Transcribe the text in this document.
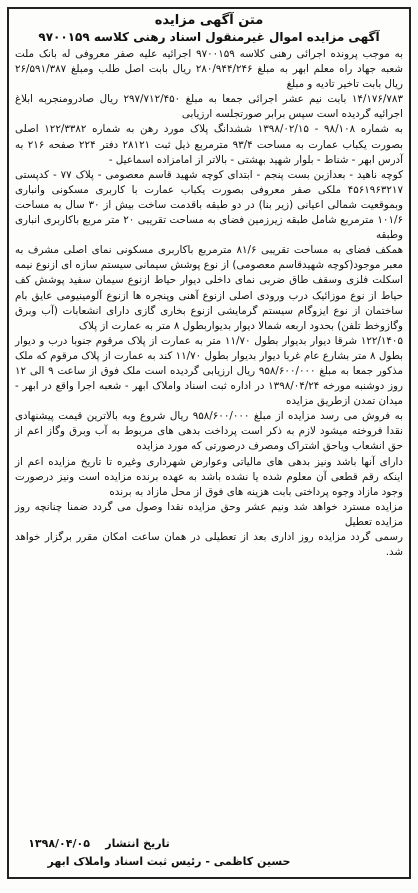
متن آگهی مزایده
آگهی مزایده اموال غیرمنقول اسناد رهنی کلاسه ۹۷۰۰۱۵۹

به موجب پرونده اجرائی رهنی کلاسه ۹۷۰۰۱۵۹ اجرائیه علیه صفر معروفی له بانک ملت شعبه جهاد راه معلم ابهر به مبلغ ۲۸۰/۹۴۴/۲۴۶ ریال بابت اصل طلب ومبلغ ۲۶/۵۹۱/۳۸۷ ریال بابت تاخیر تادیه و مبلغ

۱۴/۱۷۶/۷۸۳ بابت نیم عشر اجرائی جمعا به مبلغ ۲۹۷/۷۱۲/۴۵۰ ریال صادرومنجربه ابلاغ اجرائیه گردیده است سپس برابر صورتجلسه ارزیابی

به شماره ۹۸/۱۰۸ - ۱۳۹۸/۰۲/۱۵ ششدانگ پلاک مورد رهن به شماره ۱۲۲/۳۳۸۲ اصلی بصورت یکباب عمارت به مساحت ۹۳/۴ مترمربع ذیل ثبت ۲۸۱۲۱ دفتر ۲۲۴ صفحه ۲۱۶ به آدرس ابهر - شناط - بلوار شهید بهشتی - بالاتر از امامزاده اسماعیل -

کوچه ناهید - بعدازبن بست پنجم - ابتدای کوچه شهید قاسم معصومی - پلاک ۷۷ - کدپستی ۴۵۶۱۹۶۳۲۱۷ ملکی صفر معروفی بصورت یکباب عمارت با کاربری مسکونی وانباری وبموقعیت شمالی اعیانی (زیر بنا) در دو طبقه باقدمت ساخت بیش از ۳۰ سال به مساحت ۱۰۱/۶ مترمربع شامل طبقه زیرزمین فضای به مساحت تقریبی ۲۰ متر مربع باکاربری انباری وطبقه

همکف فضای به مساحت تقریبی ۸۱/۶ مترمربع باکاربری مسکونی نمای اصلی مشرف به معبر موجود(کوچه شهیدقاسم معصومی) از نوع پوشش سیمانی سیستم سازه ای ازنوع نیمه اسکلت فلزی وسقف طاق ضربی نمای داخلی دیوار حیاط ازنوع سیمان سفید پوشش کف حیاط از نوع موزائیک درب ورودی اصلی ازنوع آهنی وپنجره ها ازنوع آلومینیومی عایق بام ساختمان از نوع ایزوگام سیستم گرمایشی ازنوع بخاری گازی دارای انشعابات (آب وبرق وگازوخط تلفن) بحدود اربعه شمالا دیوار بدیواربطول ۸ متر به عمارت از پلاک

۱۲۲/۱۴۰۵ شرقا دیوار بدیوار بطول ۱۱/۷۰ متر به عمارت از پلاک مرقوم جنوبا درب و دیوار بطول ۸ متر بشارع عام غربا دیوار بدیوار بطول ۱۱/۷۰ کند به عمارت از پلاک مرقوم که ملک مذکور جمعا به مبلغ ۹۵۸/۶۰۰/۰۰۰ ریال ارزیابی گردیده است ملک فوق از ساعت ۹ الی ۱۲ روز دوشنبه مورخه ۱۳۹۸/۰۴/۲۴ در اداره ثبت اسناد واملاک ابهر - شعبه اجرا واقع در ابهر - میدان تمدن ازطریق مزایده

به فروش می رسد مزایده از مبلغ ۹۵۸/۶۰۰/۰۰۰ ریال شروع وبه بالاترین قیمت پیشنهادی نقدا فروخته میشود لازم به ذکر است پرداخت بدهی های مربوط به آب وبرق وگاز اعم از حق انشعاب ویاحق اشتراک ومصرف درصورتی که مورد مزایده

دارای آنها باشد ونیز بدهی های مالیاتی وعوارض شهرداری وغیره تا تاریخ مزایده اعم از اینکه رقم قطعی آن معلوم شده یا نشده باشد به عهده برنده مزایده است ونیز درصورت وجود مازاد وجوه پرداختی بابت هزینه های فوق از محل مازاد به برنده

مزایده مسترد خواهد شد ونیم عشر وحق مزایده نقدا وصول می گردد ضمنا چنانچه روز مزایده تعطیل

رسمی گردد مزایده روز اداری بعد از تعطیلی در همان ساعت امکان مقرر برگزار خواهد شد.

تاریخ انتشار    ۱۳۹۸/۰۴/۰۵
حسین کاظمی - رئیس ثبت اسناد واملاک ابهر
